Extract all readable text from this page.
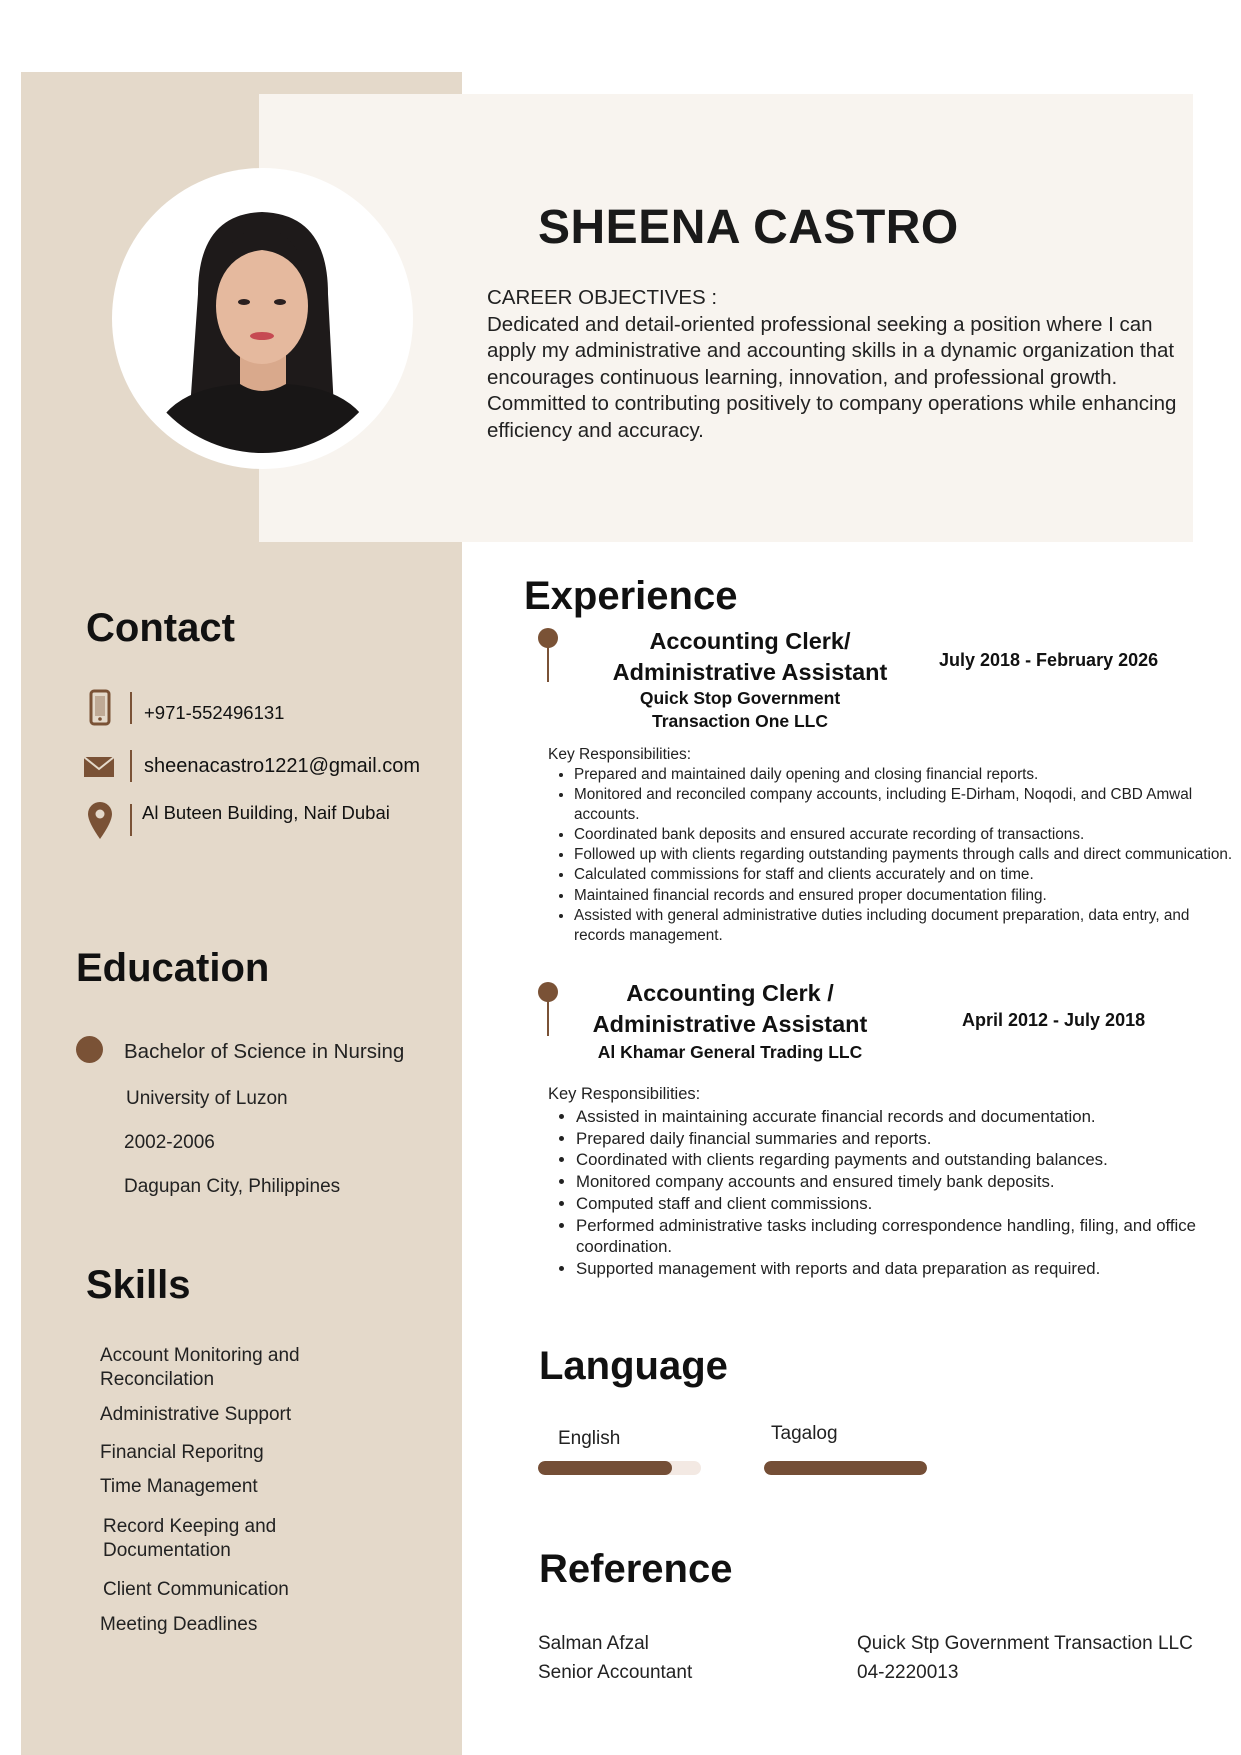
SHEENA CASTRO
CAREER OBJECTIVES :
Dedicated and detail-oriented professional seeking a position where I can apply my administrative and accounting skills in a dynamic organization that encourages continuous learning, innovation, and professional growth. Committed to contributing positively to company operations while enhancing efficiency and accuracy.
Contact
+971-552496131
sheenacastro1221@gmail.com
Al Buteen Building, Naif Dubai
Education
Bachelor of Science in Nursing
University of Luzon
2002-2006
Dagupan City, Philippines
Skills
Account Monitoring and Reconcilation
Administrative Support
Financial Reporitng
Time Management
Record Keeping and Documentation
Client Communication
Meeting Deadlines
Experience
Accounting Clerk/
Administrative Assistant
Quick Stop Government
Transaction One LLC
July 2018 - February 2026
Key Responsibilities:
• Prepared and maintained daily opening and closing financial reports.
• Monitored and reconciled company accounts, including E-Dirham, Noqodi, and CBD Amwal accounts.
• Coordinated bank deposits and ensured accurate recording of transactions.
• Followed up with clients regarding outstanding payments through calls and direct communication.
• Calculated commissions for staff and clients accurately and on time.
• Maintained financial records and ensured proper documentation filing.
• Assisted with general administrative duties including document preparation, data entry, and records management.
Accounting Clerk /
Administrative Assistant
Al Khamar General Trading LLC
April 2012 - July 2018
Key Responsibilities:
• Assisted in maintaining accurate financial records and documentation.
• Prepared daily financial summaries and reports.
• Coordinated with clients regarding payments and outstanding balances.
• Monitored company accounts and ensured timely bank deposits.
• Computed staff and client commissions.
• Performed administrative tasks including correspondence handling, filing, and office coordination.
• Supported management with reports and data preparation as required.
Language
English	Tagalog
Reference
Salman Afzal
Senior Accountant
Quick Stp Government Transaction LLC
04-2220013
